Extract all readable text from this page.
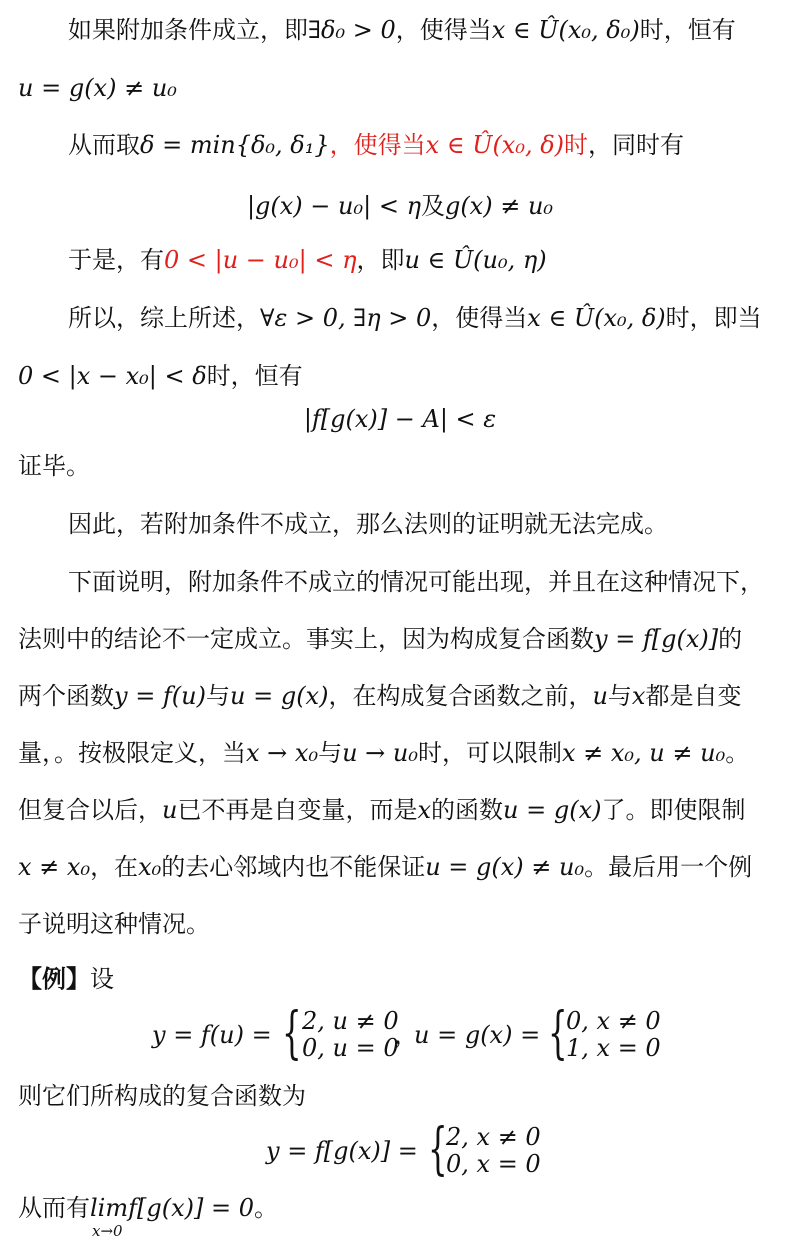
如果附加条件成立，即∃δ₀ > 0，使得当x ∈ Û(x₀, δ₀)时，恒有
u = g(x) ≠ u₀
从而取δ = min{δ₀, δ₁}，使得当x ∈ Û(x₀, δ)时，同时有
|g(x) − u₀| < η及g(x) ≠ u₀
于是，有0 < |u − u₀| < η，即u ∈ Û(u₀, η)
所以，综上所述，∀ε > 0, ∃η > 0，使得当x ∈ Û(x₀, δ)时，即当
0 < |x − x₀| < δ时，恒有
|f[g(x)] − A| < ε
证毕。
因此，若附加条件不成立，那么法则的证明就无法完成。
下面说明，附加条件不成立的情况可能出现，并且在这种情况下，
法则中的结论不一定成立。事实上，因为构成复合函数y = f[g(x)]的
两个函数y = f(u)与u = g(x)，在构成复合函数之前，u与x都是自变
量，。按极限定义，当x → x₀与u → u₀时，可以限制x ≠ x₀, u ≠ u₀。
但复合以后，u已不再是自变量，而是x的函数u = g(x)了。即使限制
x ≠ x₀，在x₀的去心邻域内也不能保证u = g(x) ≠ u₀。最后用一个例
子说明这种情况。
【例】设
y = f(u) = { 2, u ≠ 0
0, u = 0
，
u = g(x) = {
0, x ≠ 0
1, x = 0
则它们所构成的复合函数为
y = f[g(x)] = {
2, x ≠ 0
0, x = 0
从而有limf[g(x)] = 0。
x→0
